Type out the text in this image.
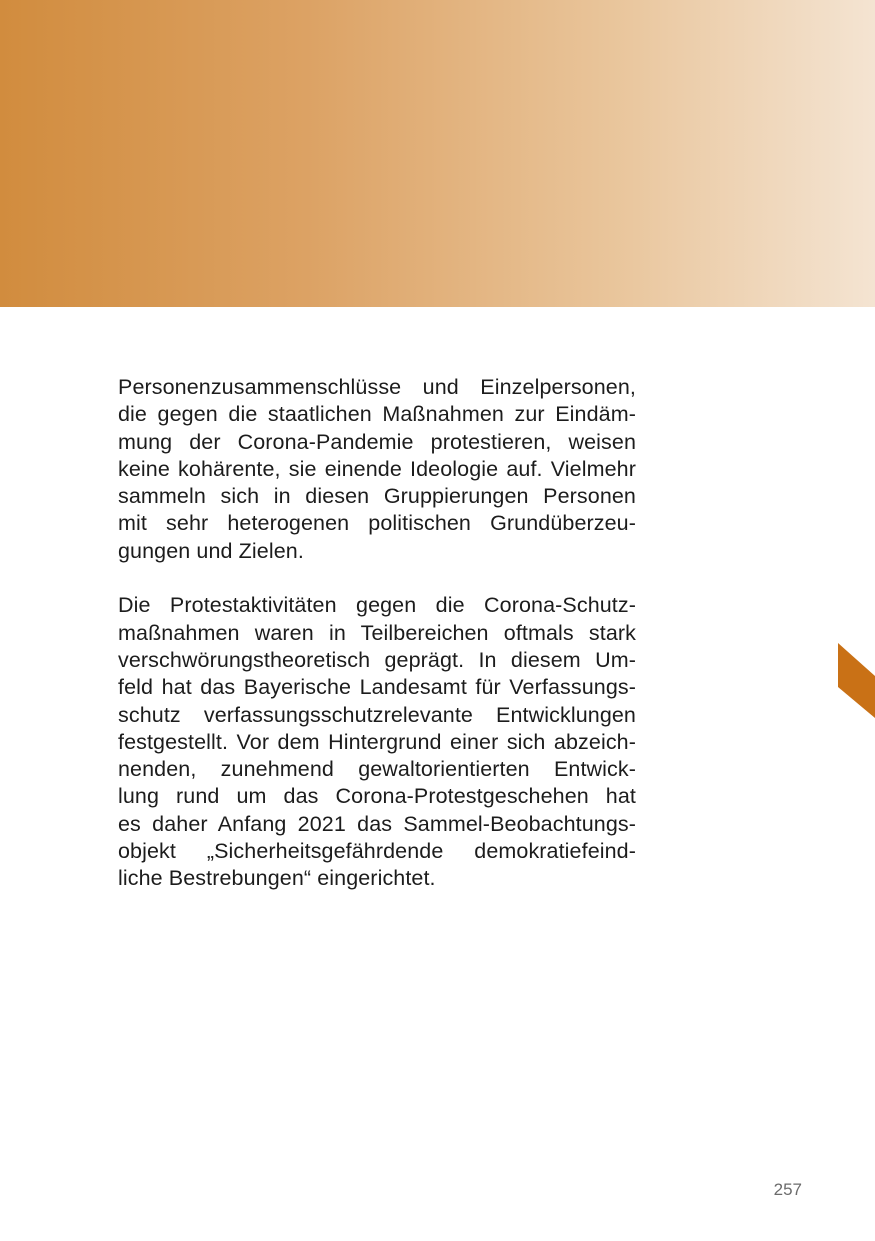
Personenzusammenschlüsse und Einzelpersonen,
die gegen die staatlichen Maßnahmen zur Eindäm-
mung der Corona-Pandemie protestieren, weisen
keine kohärente, sie einende Ideologie auf. Vielmehr
sammeln sich in diesen Gruppierungen Personen
mit sehr heterogenen politischen Grundüberzeu-
gungen und Zielen.

Die Protestaktivitäten gegen die Corona-Schutz-
maßnahmen waren in Teilbereichen oftmals stark
verschwörungstheoretisch geprägt. In diesem Um-
feld hat das Bayerische Landesamt für Verfassungs-
schutz verfassungsschutzrelevante Entwicklungen
festgestellt. Vor dem Hintergrund einer sich abzeich-
nenden, zunehmend gewaltorientierten Entwick-
lung rund um das Corona-Protestgeschehen hat
es daher Anfang 2021 das Sammel-Beobachtungs-
objekt „Sicherheitsgefährdende demokratiefeind-
liche Bestrebungen“ eingerichtet.

257
